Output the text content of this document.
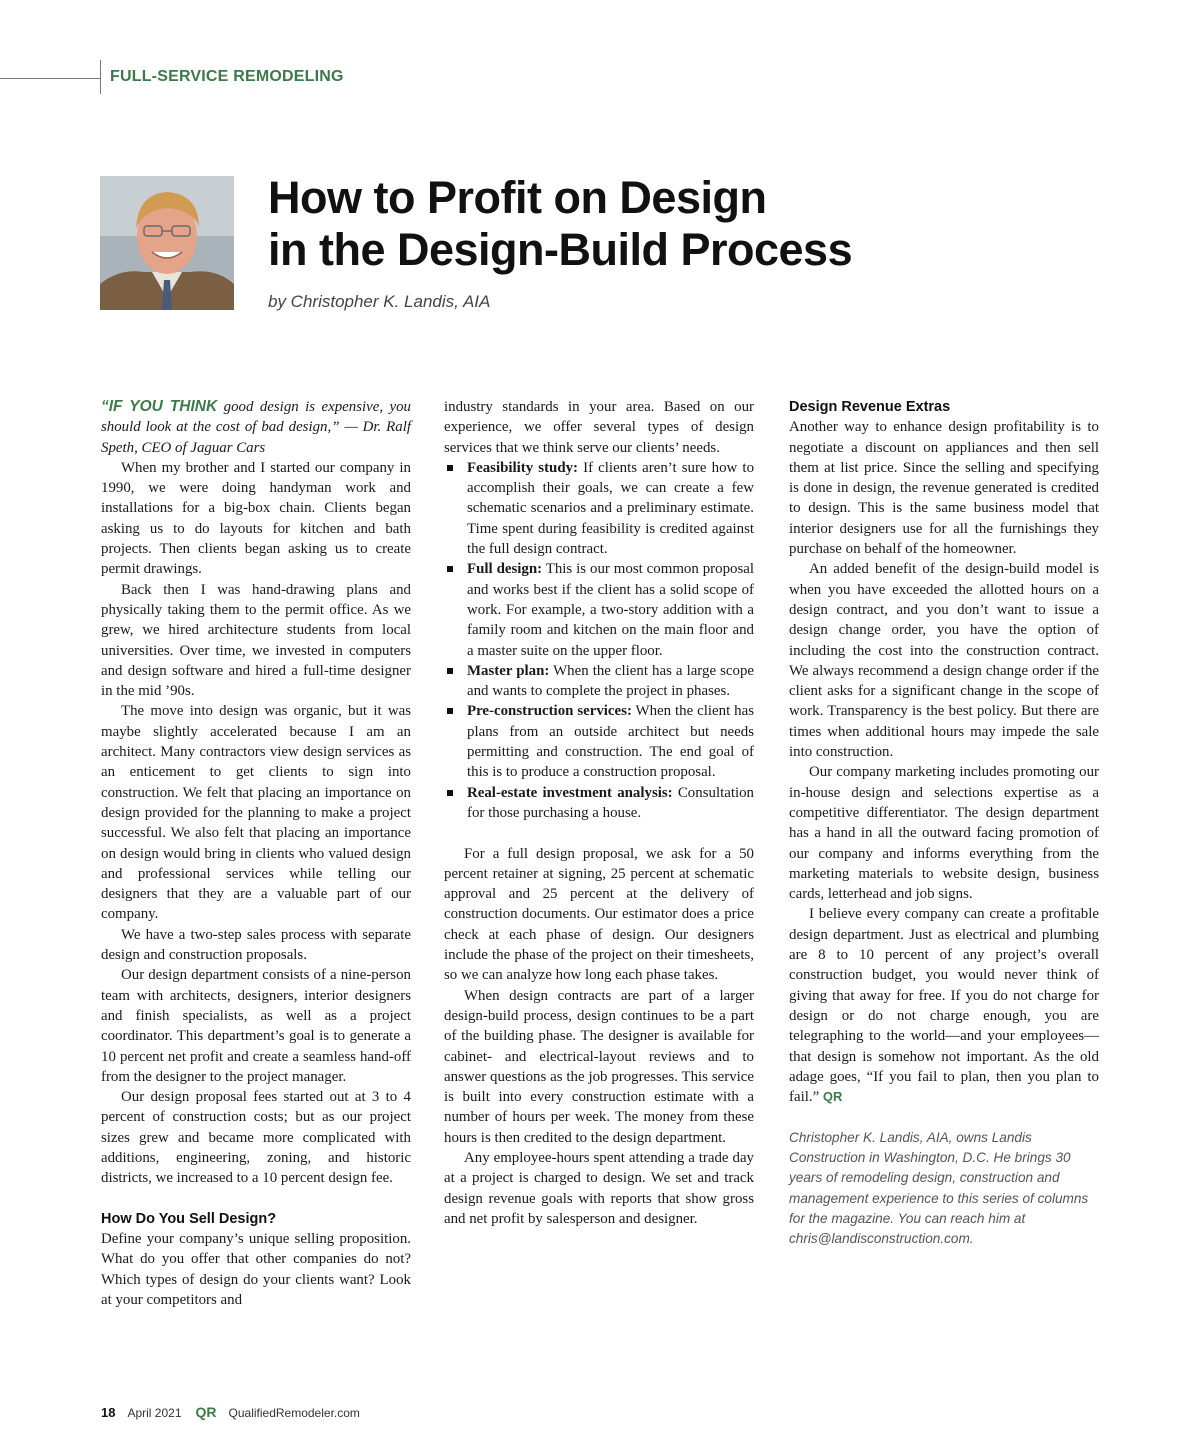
FULL-SERVICE REMODELING
How to Profit on Design
in the Design-Build Process
by Christopher K. Landis, AIA

“IF YOU THINK good design is expensive, you should look at the cost of bad design,” — Dr. Ralf Speth, CEO of Jaguar Cars

When my brother and I started our company in 1990, we were doing handyman work and installations for a big-box chain. Clients began asking us to do layouts for kitchen and bath projects. Then clients began asking us to create permit drawings.

Back then I was hand-drawing plans and physically taking them to the permit office. As we grew, we hired architecture students from local universities. Over time, we invested in computers and design software and hired a full-time designer in the mid ’90s.

The move into design was organic, but it was maybe slightly accelerated because I am an architect. Many contractors view design services as an enticement to get clients to sign into construction. We felt that placing an importance on design provided for the planning to make a project successful. We also felt that placing an importance on design would bring in clients who valued design and professional services while telling our designers that they are a valuable part of our company.

We have a two-step sales process with separate design and construction proposals.

Our design department consists of a nine-person team with architects, designers, interior designers and finish specialists, as well as a project coordinator. This department’s goal is to generate a 10 percent net profit and create a seamless hand-off from the designer to the project manager.

Our design proposal fees started out at 3 to 4 percent of construction costs; but as our project sizes grew and became more complicated with additions, engineering, zoning, and historic districts, we increased to a 10 percent design fee.

How Do You Sell Design?

Define your company’s unique selling proposition. What do you offer that other companies do not? Which types of design do your clients want? Look at your competitors and

industry standards in your area. Based on our experience, we offer several types of design services that we think serve our clients’ needs.

Feasibility study: If clients aren’t sure how to accomplish their goals, we can create a few schematic scenarios and a preliminary estimate. Time spent during feasibility is credited against the full design contract.
Full design: This is our most common proposal and works best if the client has a solid scope of work. For example, a two-story addition with a family room and kitchen on the main floor and a master suite on the upper floor.
Master plan: When the client has a large scope and wants to complete the project in phases.
Pre-construction services: When the client has plans from an outside architect but needs permitting and construction. The end goal of this is to produce a construction proposal.
Real-estate investment analysis: Consultation for those purchasing a house.

For a full design proposal, we ask for a 50 percent retainer at signing, 25 percent at schematic approval and 25 percent at the delivery of construction documents. Our estimator does a price check at each phase of design. Our designers include the phase of the project on their timesheets, so we can analyze how long each phase takes.

When design contracts are part of a larger design-build process, design continues to be a part of the building phase. The designer is available for cabinet- and electrical-layout reviews and to answer questions as the job progresses. This service is built into every construction estimate with a number of hours per week. The money from these hours is then credited to the design department.

Any employee-hours spent attending a trade day at a project is charged to design. We set and track design revenue goals with reports that show gross and net profit by salesperson and designer.

Design Revenue Extras

Another way to enhance design profitability is to negotiate a discount on appliances and then sell them at list price. Since the selling and specifying is done in design, the revenue generated is credited to design. This is the same business model that interior designers use for all the furnishings they purchase on behalf of the homeowner.

An added benefit of the design-build model is when you have exceeded the allotted hours on a design contract, and you don’t want to issue a design change order, you have the option of including the cost into the construction contract. We always recommend a design change order if the client asks for a significant change in the scope of work. Transparency is the best policy. But there are times when additional hours may impede the sale into construction.

Our company marketing includes promoting our in-house design and selections expertise as a competitive differentiator. The design department has a hand in all the outward facing promotion of our company and informs everything from the marketing materials to website design, business cards, letterhead and job signs.

I believe every company can create a profitable design department. Just as electrical and plumbing are 8 to 10 percent of any project’s overall construction budget, you would never think of giving that away for free. If you do not charge for design or do not charge enough, you are telegraphing to the world—and your employees—that design is somehow not important. As the old adage goes, “If you fail to plan, then you plan to fail.” QR

Christopher K. Landis, AIA, owns Landis Construction in Washington, D.C. He brings 30 years of remodeling design, construction and management experience to this series of columns for the magazine. You can reach him at chris@landisconstruction.com.

18 April 2021 QR QualifiedRemodeler.com
